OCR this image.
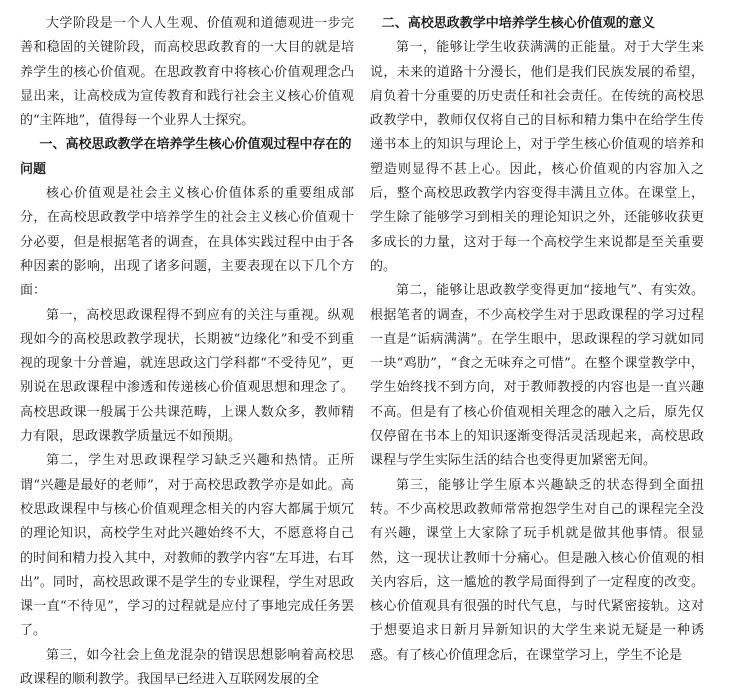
大学阶段是一个人人生观、价值观和道德观进一步完善和稳固的关键阶段，而高校思政教育的一大目的就是培养学生的核心价值观。在思政教育中将核心价值观理念凸显出来，让高校成为宣传教育和践行社会主义核心价值观的“主阵地”，值得每一个业界人士探究。

一、高校思政教学在培养学生核心价值观过程中存在的问题

核心价值观是社会主义核心价值体系的重要组成部分，在高校思政教学中培养学生的社会主义核心价值观十分必要，但是根据笔者的调查，在具体实践过程中由于各种因素的影响，出现了诸多问题，主要表现在以下几个方面：

第一，高校思政课程得不到应有的关注与重视。纵观现如今的高校思政教学现状，长期被“边缘化”和受不到重视的现象十分普遍，就连思政这门学科都“不受待见”，更别说在思政课程中渗透和传递核心价值观思想和理念了。高校思政课一般属于公共课范畴，上课人数众多，教师精力有限，思政课教学质量远不如预期。

第二，学生对思政课程学习缺乏兴趣和热情。正所谓“兴趣是最好的老师”，对于高校思政教学亦是如此。高校思政课程中与核心价值观理念相关的内容大都属于烦冗的理论知识，高校学生对此兴趣始终不大，不愿意将自己的时间和精力投入其中，对教师的教学内容“左耳进，右耳出”。同时，高校思政课不是学生的专业课程，学生对思政课一直“不待见”，学习的过程就是应付了事地完成任务罢了。

第三，如今社会上鱼龙混杂的错误思想影响着高校思政课程的顺利教学。我国早已经进入互联网发展的全

二、高校思政教学中培养学生核心价值观的意义

第一，能够让学生收获满满的正能量。对于大学生来说，未来的道路十分漫长，他们是我们民族发展的希望，肩负着十分重要的历史责任和社会责任。在传统的高校思政教学中，教师仅仅将自己的目标和精力集中在给学生传递书本上的知识与理论上，对于学生核心价值观的培养和塑造则显得不甚上心。因此，核心价值观的内容加入之后，整个高校思政教学内容变得丰满且立体。在课堂上，学生除了能够学习到相关的理论知识之外，还能够收获更多成长的力量，这对于每一个高校学生来说都是至关重要的。

第二，能够让思政教学变得更加“接地气”、有实效。根据笔者的调查，不少高校学生对于思政课程的学习过程一直是“诟病满满”。在学生眼中，思政课程的学习就如同一块“鸡肋”，“食之无味弃之可惜”。在整个课堂教学中，学生始终找不到方向，对于教师教授的内容也是一直兴趣不高。但是有了核心价值观相关理念的融入之后，原先仅仅停留在书本上的知识逐渐变得活灵活现起来，高校思政课程与学生实际生活的结合也变得更加紧密无间。

第三，能够让学生原本兴趣缺乏的状态得到全面扭转。不少高校思政教师常常抱怨学生对自己的课程完全没有兴趣，课堂上大家除了玩手机就是做其他事情。很显然，这一现状让教师十分痛心。但是融入核心价值观的相关内容后，这一尴尬的教学局面得到了一定程度的改变。核心价值观具有很强的时代气息，与时代紧密接轨。这对于想要追求日新月异新知识的大学生来说无疑是一种诱惑。有了核心价值理念后，在课堂学习上，学生不论是
